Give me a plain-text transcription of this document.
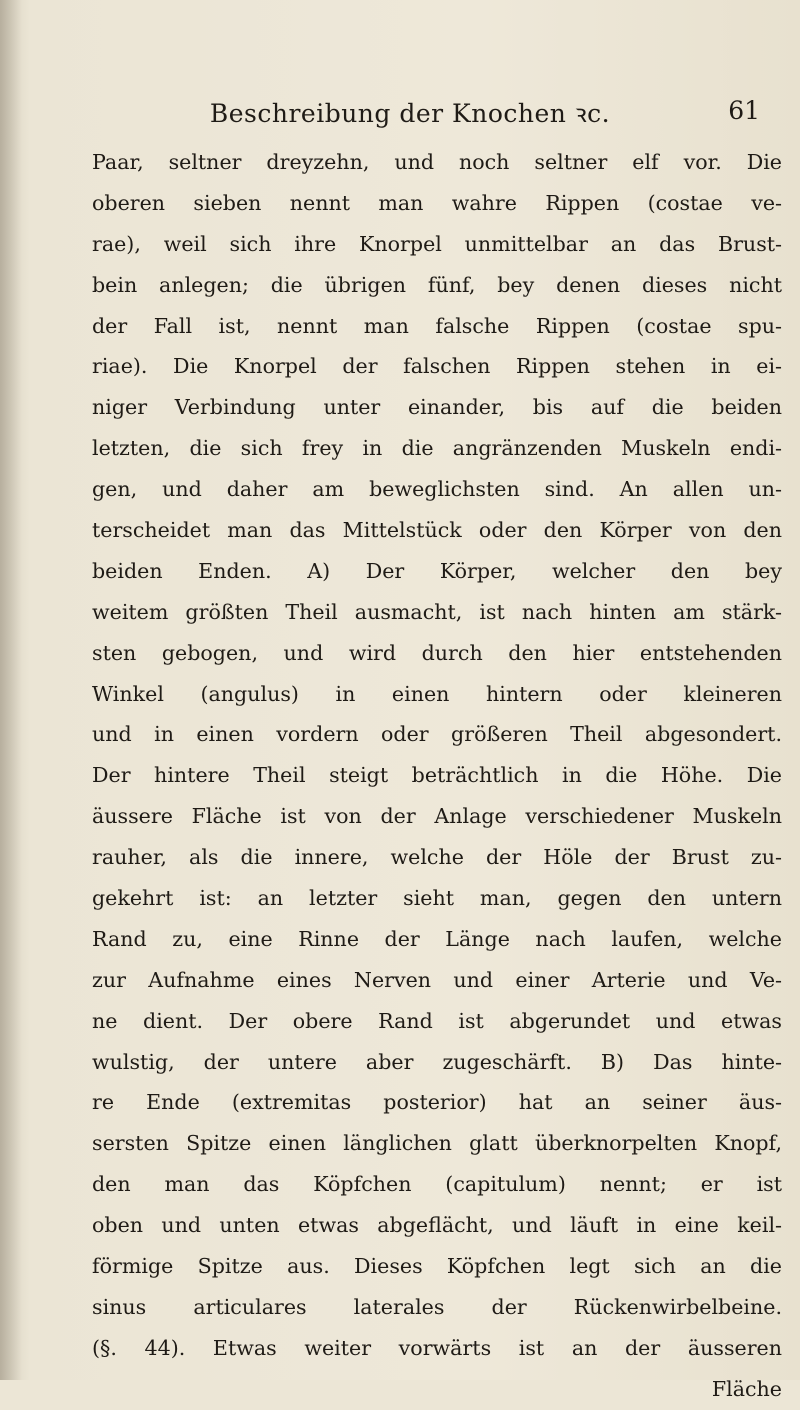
Beschreibung der Knochen ꝛc.	61
Paar, seltner dreyzehn, und noch seltner elf vor. Die
oberen sieben nennt man wahre Rippen (costae ve-
rae), weil sich ihre Knorpel unmittelbar an das Brust-
bein anlegen; die übrigen fünf, bey denen dieses nicht
der Fall ist, nennt man falsche Rippen (costae spu-
riae). Die Knorpel der falschen Rippen stehen in ei-
niger Verbindung unter einander, bis auf die beiden
letzten, die sich frey in die angränzenden Muskeln endi-
gen, und daher am beweglichsten sind. An allen un-
terscheidet man das Mittelstück oder den Körper von den
beiden Enden. A) Der Körper, welcher den bey
weitem größten Theil ausmacht, ist nach hinten am stärk-
sten gebogen, und wird durch den hier entstehenden
Winkel (angulus) in einen hintern oder kleineren
und in einen vordern oder größeren Theil abgesondert.
Der hintere Theil steigt beträchtlich in die Höhe. Die
äussere Fläche ist von der Anlage verschiedener Muskeln
rauher, als die innere, welche der Höle der Brust zu-
gekehrt ist: an letzter sieht man, gegen den untern
Rand zu, eine Rinne der Länge nach laufen, welche
zur Aufnahme eines Nerven und einer Arterie und Ve-
ne dient. Der obere Rand ist abgerundet und etwas
wulstig, der untere aber zugeschärft. B) Das hinte-
re Ende (extremitas posterior) hat an seiner äus-
sersten Spitze einen länglichen glatt überknorpelten Knopf,
den man das Köpfchen (capitulum) nennt; er ist
oben und unten etwas abgeflächt, und läuft in eine keil-
förmige Spitze aus. Dieses Köpfchen legt sich an die
sinus articulares laterales der Rückenwirbelbeine.
(§. 44). Etwas weiter vorwärts ist an der äusseren
Fläche
